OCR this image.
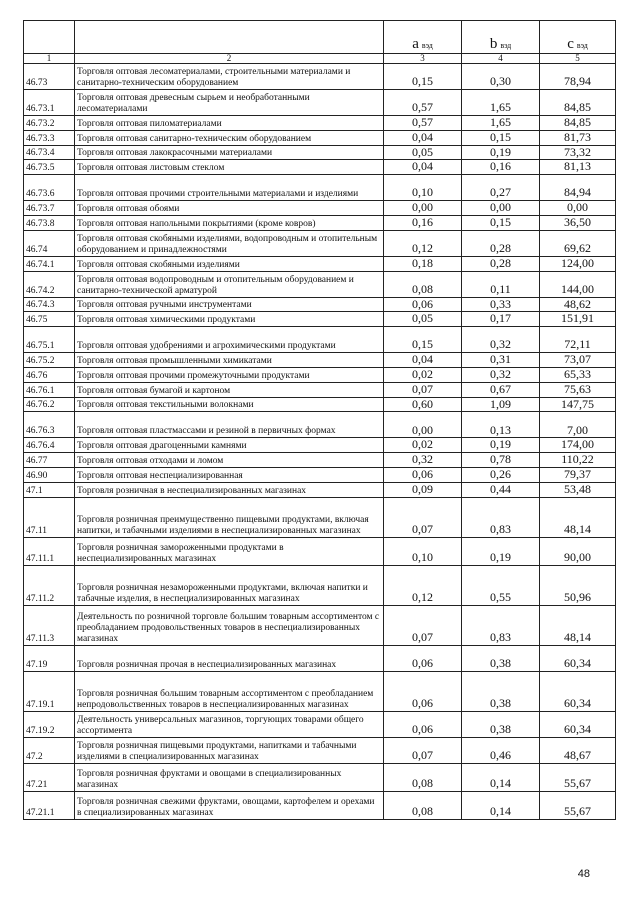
		a вэд	b вэд	c вэд
1	2	3	4	5
46.73	Торговля оптовая лесоматериалами, строительными материалами и санитарно-техническим оборудованием	0,15	0,30	78,94
46.73.1	Торговля оптовая древесным сырьем и необработанными лесоматериалами	0,57	1,65	84,85
46.73.2	Торговля оптовая пиломатериалами	0,57	1,65	84,85
46.73.3	Торговля оптовая санитарно-техническим оборудованием	0,04	0,15	81,73
46.73.4	Торговля оптовая лакокрасочными материалами	0,05	0,19	73,32
46.73.5	Торговля оптовая листовым стеклом	0,04	0,16	81,13
46.73.6	Торговля оптовая прочими строительными материалами и изделиями	0,10	0,27	84,94
46.73.7	Торговля оптовая обоями	0,00	0,00	0,00
46.73.8	Торговля оптовая напольными покрытиями (кроме ковров)	0,16	0,15	36,50
46.74	Торговля оптовая скобяными изделиями, водопроводным и отопительным оборудованием и принадлежностями	0,12	0,28	69,62
46.74.1	Торговля оптовая скобяными изделиями	0,18	0,28	124,00
46.74.2	Торговля оптовая водопроводным и отопительным оборудованием и санитарно-технической арматурой	0,08	0,11	144,00
46.74.3	Торговля оптовая ручными инструментами	0,06	0,33	48,62
46.75	Торговля оптовая химическими продуктами	0,05	0,17	151,91
46.75.1	Торговля оптовая удобрениями и агрохимическими продуктами	0,15	0,32	72,11
46.75.2	Торговля оптовая промышленными химикатами	0,04	0,31	73,07
46.76	Торговля оптовая прочими промежуточными продуктами	0,02	0,32	65,33
46.76.1	Торговля оптовая бумагой и картоном	0,07	0,67	75,63
46.76.2	Торговля оптовая текстильными волокнами	0,60	1,09	147,75
46.76.3	Торговля оптовая пластмассами и резиной в первичных формах	0,00	0,13	7,00
46.76.4	Торговля оптовая драгоценными камнями	0,02	0,19	174,00
46.77	Торговля оптовая отходами и ломом	0,32	0,78	110,22
46.90	Торговля оптовая неспециализированная	0,06	0,26	79,37
47.1	Торговля розничная в неспециализированных магазинах	0,09	0,44	53,48
47.11	Торговля розничная преимущественно пищевыми продуктами, включая напитки, и табачными изделиями в неспециализированных магазинах	0,07	0,83	48,14
47.11.1	Торговля розничная замороженными продуктами в неспециализированных магазинах	0,10	0,19	90,00
47.11.2	Торговля розничная незамороженными продуктами, включая напитки и табачные изделия, в неспециализированных магазинах	0,12	0,55	50,96
47.11.3	Деятельность по розничной торговле большим товарным ассортиментом с преобладанием продовольственных товаров в неспециализированных магазинах	0,07	0,83	48,14
47.19	Торговля розничная прочая в неспециализированных магазинах	0,06	0,38	60,34
47.19.1	Торговля розничная большим товарным ассортиментом с преобладанием непродовольственных товаров в неспециализированных магазинах	0,06	0,38	60,34
47.19.2	Деятельность универсальных магазинов, торгующих товарами общего ассортимента	0,06	0,38	60,34
47.2	Торговля розничная пищевыми продуктами, напитками и табачными изделиями в специализированных магазинах	0,07	0,46	48,67
47.21	Торговля розничная фруктами и овощами в специализированных магазинах	0,08	0,14	55,67
47.21.1	Торговля розничная свежими фруктами, овощами, картофелем и орехами в специализированных магазинах	0,08	0,14	55,67
48
